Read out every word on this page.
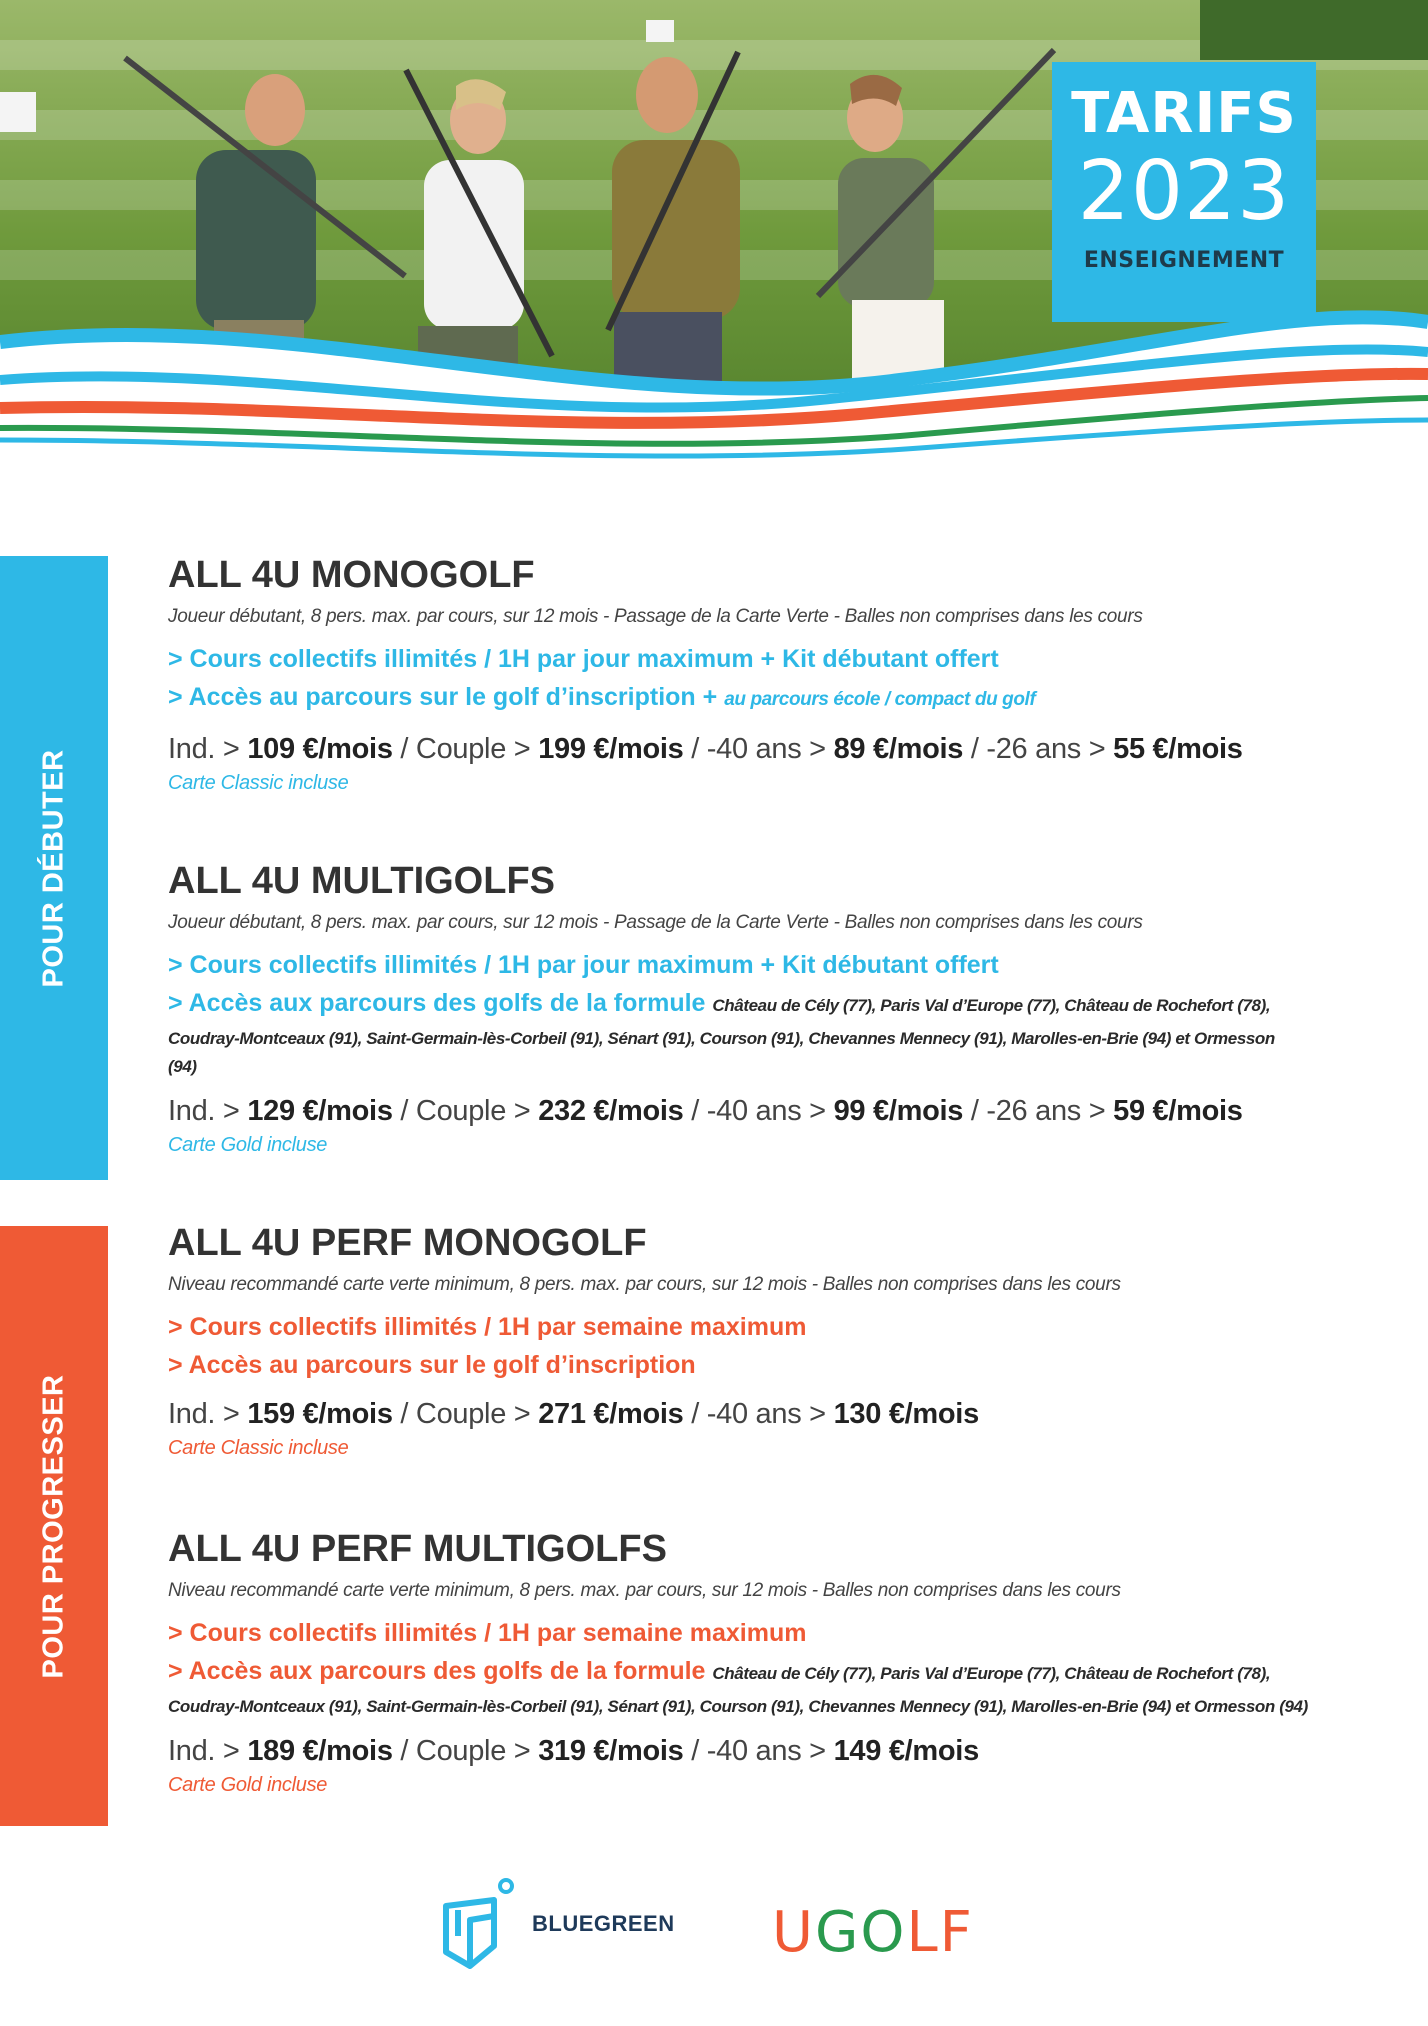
TARIFS
2023
ENSEIGNEMENT
POUR DÉBUTER
POUR PROGRESSER
ALL 4U MONOGOLF
Joueur débutant, 8 pers. max. par cours, sur 12 mois - Passage de la Carte Verte - Balles non comprises dans les cours
> Cours collectifs illimités / 1H par jour maximum + Kit débutant offert
> Accès au parcours sur le golf d’inscription + au parcours école / compact du golf
Ind. > 109 €/mois / Couple > 199 €/mois / -40 ans > 89 €/mois / -26 ans > 55 €/mois
Carte Classic incluse
ALL 4U MULTIGOLFS
Joueur débutant, 8 pers. max. par cours, sur 12 mois - Passage de la Carte Verte - Balles non comprises dans les cours
> Cours collectifs illimités / 1H par jour maximum + Kit débutant offert
> Accès aux parcours des golfs de la formule Château de Cély (77), Paris Val d’Europe (77), Château de Rochefort (78),
Coudray-Montceaux (91), Saint-Germain-lès-Corbeil (91), Sénart (91), Courson (91), Chevannes Mennecy (91), Marolles-en-Brie (94) et Ormesson
(94)
Ind. > 129 €/mois / Couple > 232 €/mois / -40 ans > 99 €/mois / -26 ans > 59 €/mois
Carte Gold incluse
ALL 4U PERF MONOGOLF
Niveau recommandé carte verte minimum, 8 pers. max. par cours, sur 12 mois - Balles non comprises dans les cours
> Cours collectifs illimités / 1H par semaine maximum
> Accès au parcours sur le golf d’inscription
Ind. > 159 €/mois / Couple > 271 €/mois / -40 ans > 130 €/mois
Carte Classic incluse
ALL 4U PERF MULTIGOLFS
Niveau recommandé carte verte minimum, 8 pers. max. par cours, sur 12 mois - Balles non comprises dans les cours
> Cours collectifs illimités / 1H par semaine maximum
> Accès aux parcours des golfs de la formule Château de Cély (77), Paris Val d’Europe (77), Château de Rochefort (78),
Coudray-Montceaux (91), Saint-Germain-lès-Corbeil (91), Sénart (91), Courson (91), Chevannes Mennecy (91), Marolles-en-Brie (94) et Ormesson (94)
Ind. > 189 €/mois / Couple > 319 €/mois / -40 ans > 149 €/mois
Carte Gold incluse
BLUEGREEN UGOLF
